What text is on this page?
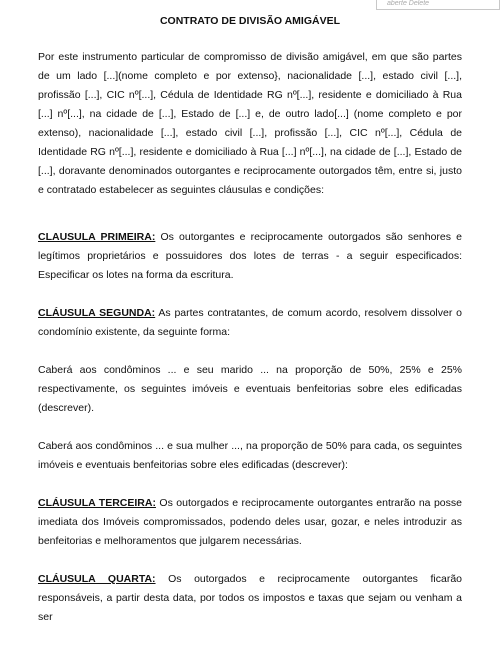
aberte Delete
CONTRATO DE DIVISÃO AMIGÁVEL

Por este instrumento particular de compromisso de divisão amigável, em que são partes de um lado [...](nome completo e por extenso}, nacionalidade [...], estado civil [...], profissão [...], CIC nº[...], Cédula de Identidade RG nº[...], residente e domiciliado à Rua [...] nº[...], na cidade de [...], Estado de [...] e, de outro lado[...] (nome completo e por extenso), nacionalidade [...], estado civil [...], profissão [...], CIC nº[...], Cédula de Identidade RG nº[...], residente e domiciliado à Rua [...] nº[...], na cidade de [...], Estado de [...], doravante denominados outorgantes e reciprocamente outorgados têm, entre si, justo e contratado estabelecer as seguintes cláusulas e condições:

CLAUSULA PRIMEIRA: Os outorgantes e reciprocamente outorgados são senhores e legítimos proprietários e possuidores dos lotes de terras - a seguir especificados: Especificar os lotes na forma da escritura.

CLÁUSULA SEGUNDA: As partes contratantes, de comum acordo, resolvem dissolver o condomínio existente, da seguinte forma:

Caberá aos condôminos ... e seu marido ... na proporção de 50%, 25% e 25% respectivamente, os seguintes imóveis e eventuais benfeitorias sobre eles edificadas (descrever).

Caberá aos condôminos ... e sua mulher ..., na proporção de 50% para cada, os seguintes imóveis e eventuais benfeitorias sobre eles edificadas (descrever):

CLÁUSULA TERCEIRA: Os outorgados e reciprocamente outorgantes entrarão na posse imediata dos Imóveis compromissados, podendo deles usar, gozar, e neles introduzir as benfeitorias e melhoramentos que julgarem necessárias.

CLÁUSULA QUARTA: Os outorgados e reciprocamente outorgantes ficarão responsáveis, a partir desta data, por todos os impostos e taxas que sejam ou venham a ser
